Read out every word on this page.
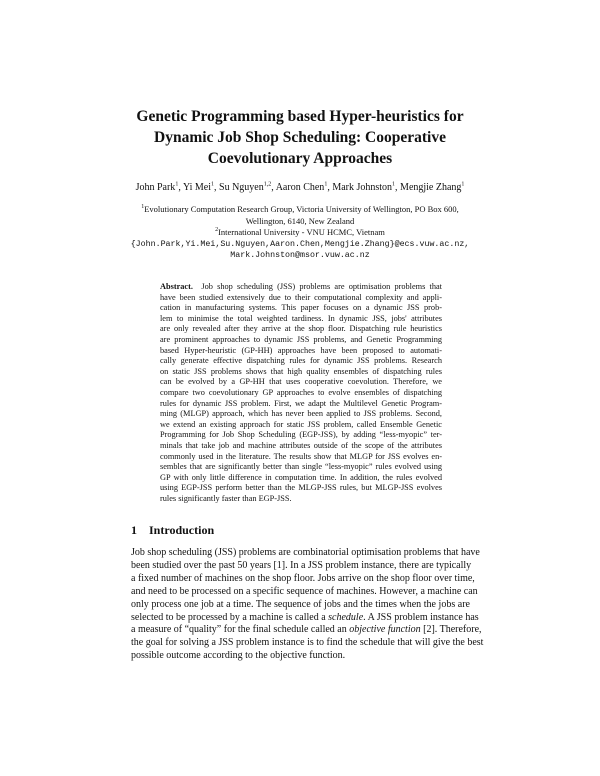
Genetic Programming based Hyper-heuristics for
Dynamic Job Shop Scheduling: Cooperative
Coevolutionary Approaches
John Park$^1$, Yi Mei$^1$, Su Nguyen$^{1,2}$, Aaron Chen$^1$, Mark Johnston$^1$, Mengjie Zhang$^1$
$^1$Evolutionary Computation Research Group, Victoria University of Wellington, PO Box 600,
Wellington, 6140, New Zealand
$^2$International University - VNU HCMC, Vietnam
{John.Park,Yi.Mei,Su.Nguyen,Aaron.Chen,Mengjie.Zhang}@ecs.vuw.ac.nz,
Mark.Johnston@msor.vuw.ac.nz
Abstract. Job shop scheduling (JSS) problems are optimisation problems that
have been studied extensively due to their computational complexity and appli-
cation in manufacturing systems. This paper focuses on a dynamic JSS prob-
lem to minimise the total weighted tardiness. In dynamic JSS, jobs' attributes
are only revealed after they arrive at the shop floor. Dispatching rule heuristics
are prominent approaches to dynamic JSS problems, and Genetic Programming
based Hyper-heuristic (GP-HH) approaches have been proposed to automati-
cally generate effective dispatching rules for dynamic JSS problems. Research
on static JSS problems shows that high quality ensembles of dispatching rules
can be evolved by a GP-HH that uses cooperative coevolution. Therefore, we
compare two coevolutionary GP approaches to evolve ensembles of dispatching
rules for dynamic JSS problem. First, we adapt the Multilevel Genetic Program-
ming (MLGP) approach, which has never been applied to JSS problems. Second,
we extend an existing approach for static JSS problem, called Ensemble Genetic
Programming for Job Shop Scheduling (EGP-JSS), by adding “less-myopic” ter-
minals that take job and machine attributes outside of the scope of the attributes
commonly used in the literature. The results show that MLGP for JSS evolves en-
sembles that are significantly better than single “less-myopic” rules evolved using
GP with only little difference in computation time. In addition, the rules evolved
using EGP-JSS perform better than the MLGP-JSS rules, but MLGP-JSS evolves
rules significantly faster than EGP-JSS.
1 Introduction
Job shop scheduling (JSS) problems are combinatorial optimisation problems that have
been studied over the past 50 years [1]. In a JSS problem instance, there are typically
a fixed number of machines on the shop floor. Jobs arrive on the shop floor over time,
and need to be processed on a specific sequence of machines. However, a machine can
only process one job at a time. The sequence of jobs and the times when the jobs are
selected to be processed by a machine is called a schedule. A JSS problem instance has
a measure of “quality” for the final schedule called an objective function [2]. Therefore,
the goal for solving a JSS problem instance is to find the schedule that will give the best
possible outcome according to the objective function.
